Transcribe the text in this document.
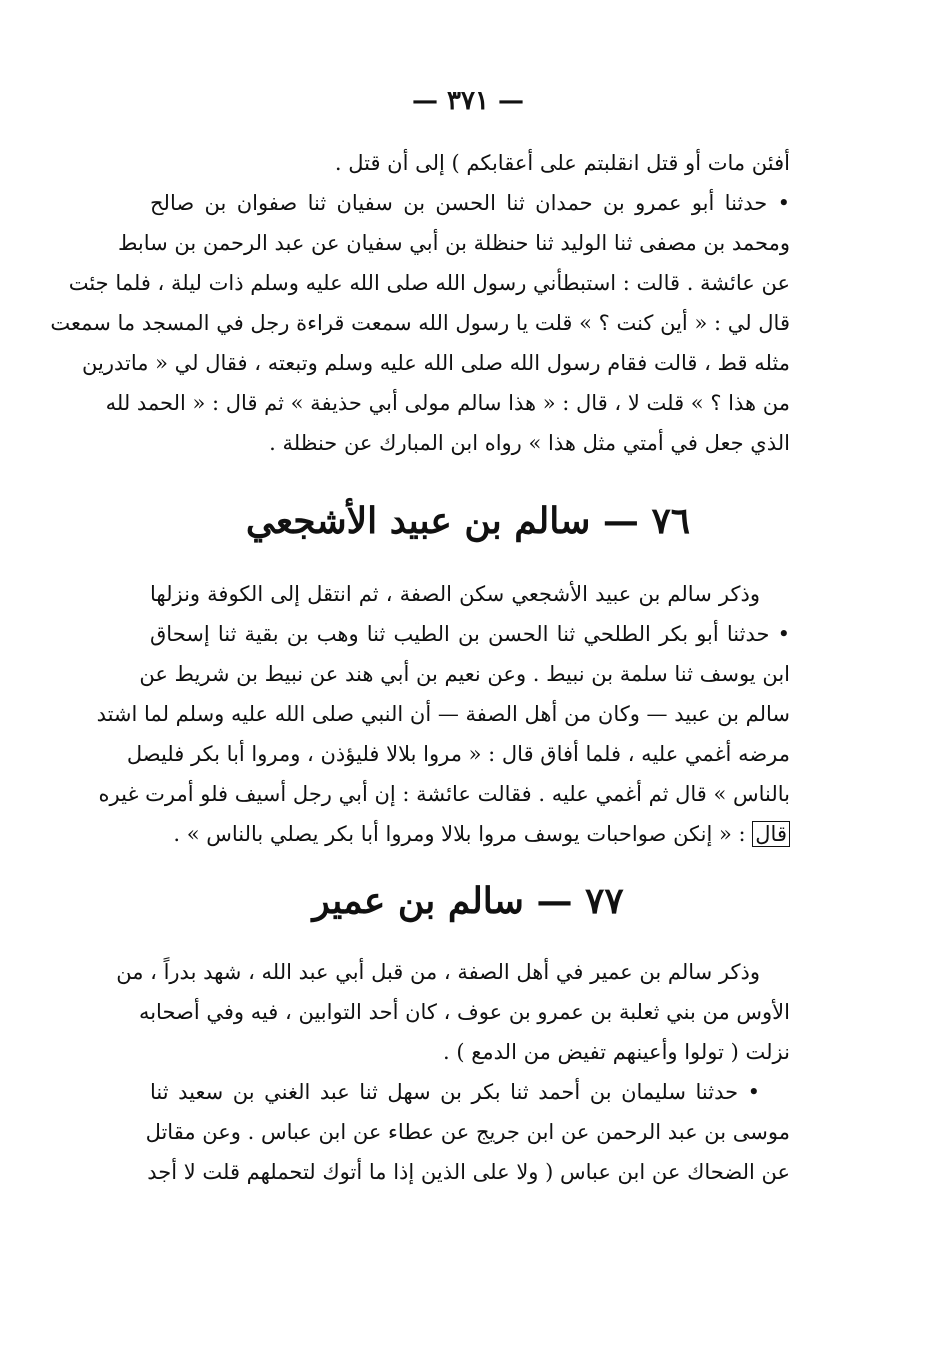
— ٣٧١ —
أفئن مات أو قتل انقلبتم على أعقابكم ) إلى أن قتل .
• حدثنا أبو عمرو بن حمدان ثنا الحسن بن سفيان ثنا صفوان بن صالح
ومحمد بن مصفى ثنا الوليد ثنا حنظلة بن أبي سفيان عن عبد الرحمن بن سابط
عن عائشة . قالت : استبطأني رسول الله صلى الله عليه وسلم ذات ليلة ، فلما جئت
قال لي : « أين كنت ؟ » قلت يا رسول الله سمعت قراءة رجل في المسجد ما سمعت
مثله قط ، قالت فقام رسول الله صلى الله عليه وسلم وتبعته ، فقال لي « ماتدرين
من هذا ؟ » قلت لا ، قال : « هذا سالم مولى أبي حذيفة » ثم قال : « الحمد لله
الذي جعل في أمتي مثل هذا » رواه ابن المبارك عن حنظلة .
٧٦ — سالم بن عبيد الأشجعي
وذكر سالم بن عبيد الأشجعي سكن الصفة ، ثم انتقل إلى الكوفة ونزلها
• حدثنا أبو بكر الطلحي ثنا الحسن بن الطيب ثنا وهب بن بقية ثنا إسحاق
ابن يوسف ثنا سلمة بن نبيط . وعن نعيم بن أبي هند عن نبيط بن شريط عن
سالم بن عبيد — وكان من أهل الصفة — أن النبي صلى الله عليه وسلم لما اشتد
مرضه أغمي عليه ، فلما أفاق قال : « مروا بلالا فليؤذن ، ومروا أبا بكر فليصل
بالناس » قال ثم أغمي عليه . فقالت عائشة : إن أبي رجل أسيف فلو أمرت غيره
قال : « إنكن صواحبات يوسف مروا بلالا ومروا أبا بكر يصلي بالناس » .
٧٧ — سالم بن عمير
وذكر سالم بن عمير في أهل الصفة ، من قبل أبي عبد الله ، شهد بدراً ، من
الأوس من بني ثعلبة بن عمرو بن عوف ، كان أحد التوابين ، فيه وفي أصحابه
نزلت ( تولوا وأعينهم تفيض من الدمع ) .
• حدثنا سليمان بن أحمد ثنا بكر بن سهل ثنا عبد الغني بن سعيد ثنا
موسى بن عبد الرحمن عن ابن جريج عن عطاء عن ابن عباس . وعن مقاتل
عن الضحاك عن ابن عباس ( ولا على الذين إذا ما أتوك لتحملهم قلت لا أجد
